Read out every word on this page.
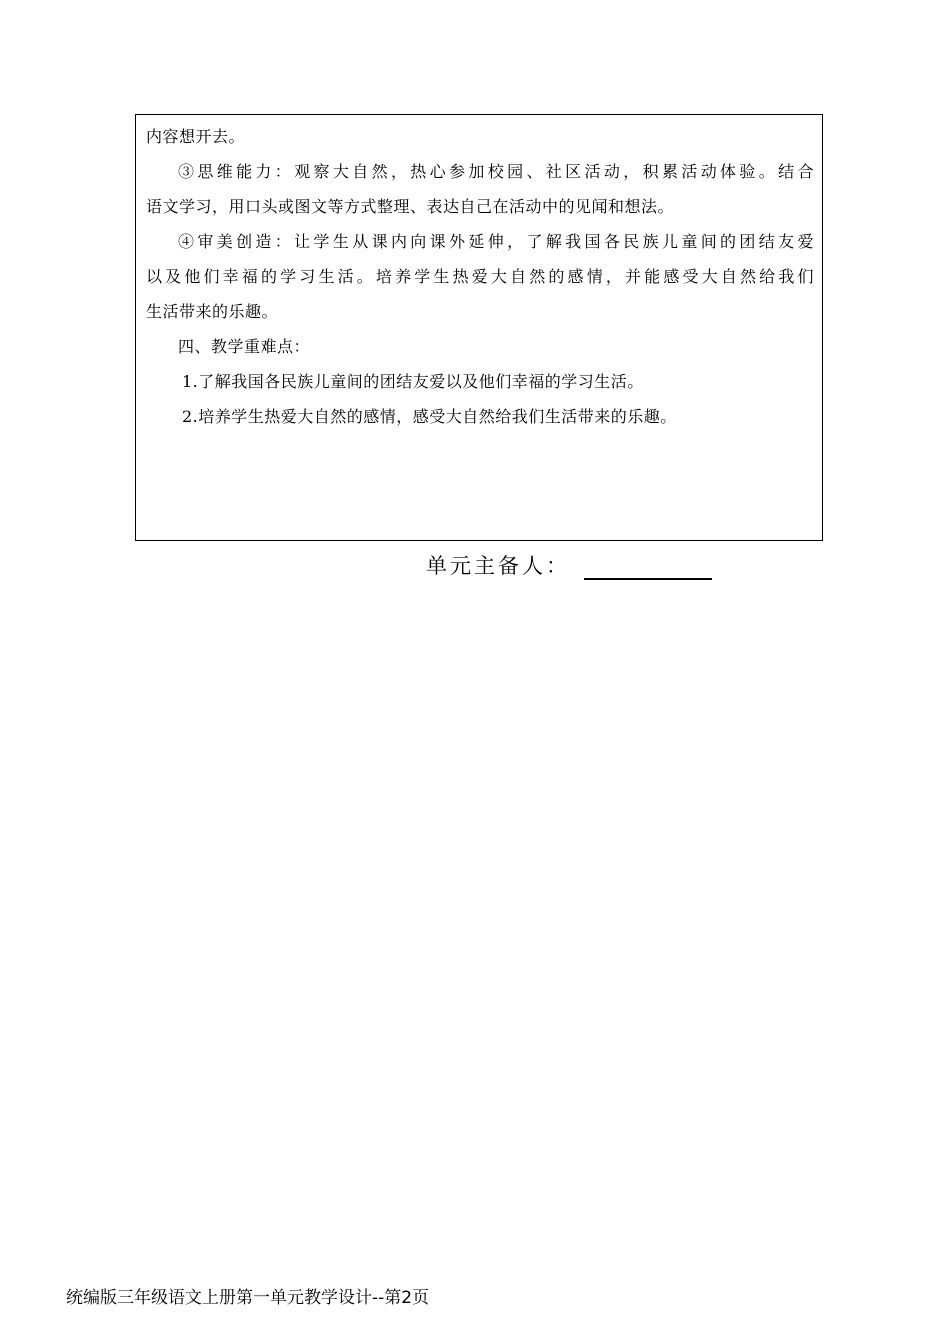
内容想开去。
③思维能力：观察大自然，热心参加校园、社区活动，积累活动体验。结合
语文学习，用口头或图文等方式整理、表达自己在活动中的见闻和想法。
④审美创造：让学生从课内向课外延伸，了解我国各民族儿童间的团结友爱
以及他们幸福的学习生活。培养学生热爱大自然的感情，并能感受大自然给我们
生活带来的乐趣。
四、教学重难点：
1.了解我国各民族儿童间的团结友爱以及他们幸福的学习生活。
2.培养学生热爱大自然的感情，感受大自然给我们生活带来的乐趣。
单元主备人：
统编版三年级语文上册第一单元教学设计--第2页
